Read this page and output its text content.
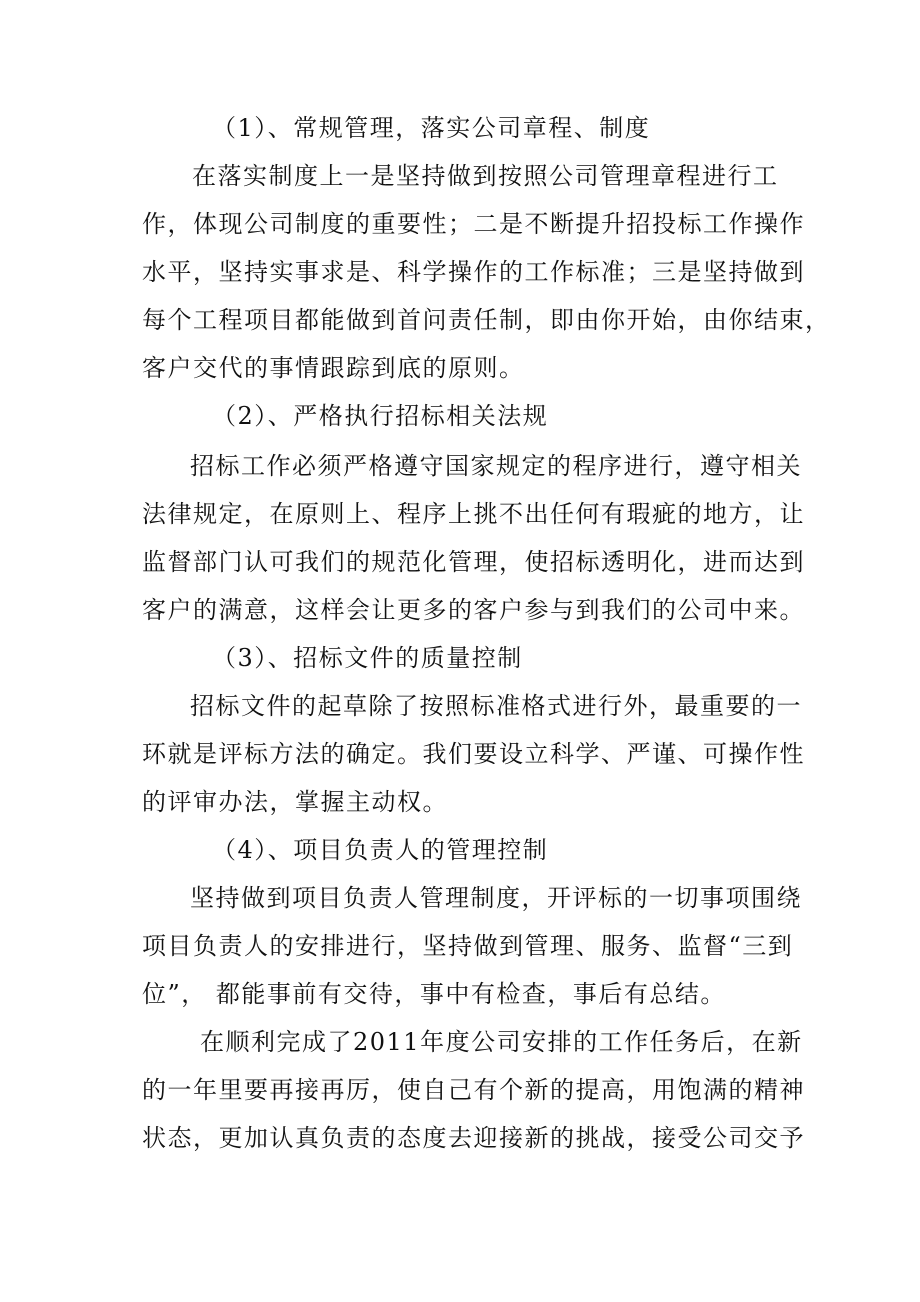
（1）、常规管理，落实公司章程、制度
在落实制度上一是坚持做到按照公司管理章程进行工
作，体现公司制度的重要性；二是不断提升招投标工作操作
水平，坚持实事求是、科学操作的工作标准；三是坚持做到
每个工程项目都能做到首问责任制，即由你开始，由你结束，
客户交代的事情跟踪到底的原则。
（2）、严格执行招标相关法规
招标工作必须严格遵守国家规定的程序进行，遵守相关
法律规定，在原则上、程序上挑不出任何有瑕疵的地方，让
监督部门认可我们的规范化管理，使招标透明化，进而达到
客户的满意，这样会让更多的客户参与到我们的公司中来。
（3）、招标文件的质量控制
招标文件的起草除了按照标准格式进行外，最重要的一
环就是评标方法的确定。我们要设立科学、严谨、可操作性
的评审办法，掌握主动权。
（4）、项目负责人的管理控制
坚持做到项目负责人管理制度，开评标的一切事项围绕
项目负责人的安排进行，坚持做到管理、服务、监督“三到
位”， 都能事前有交待，事中有检查，事后有总结。
在顺利完成了2011年度公司安排的工作任务后，在新
的一年里要再接再厉，使自己有个新的提高，用饱满的精神
状态，更加认真负责的态度去迎接新的挑战，接受公司交予
